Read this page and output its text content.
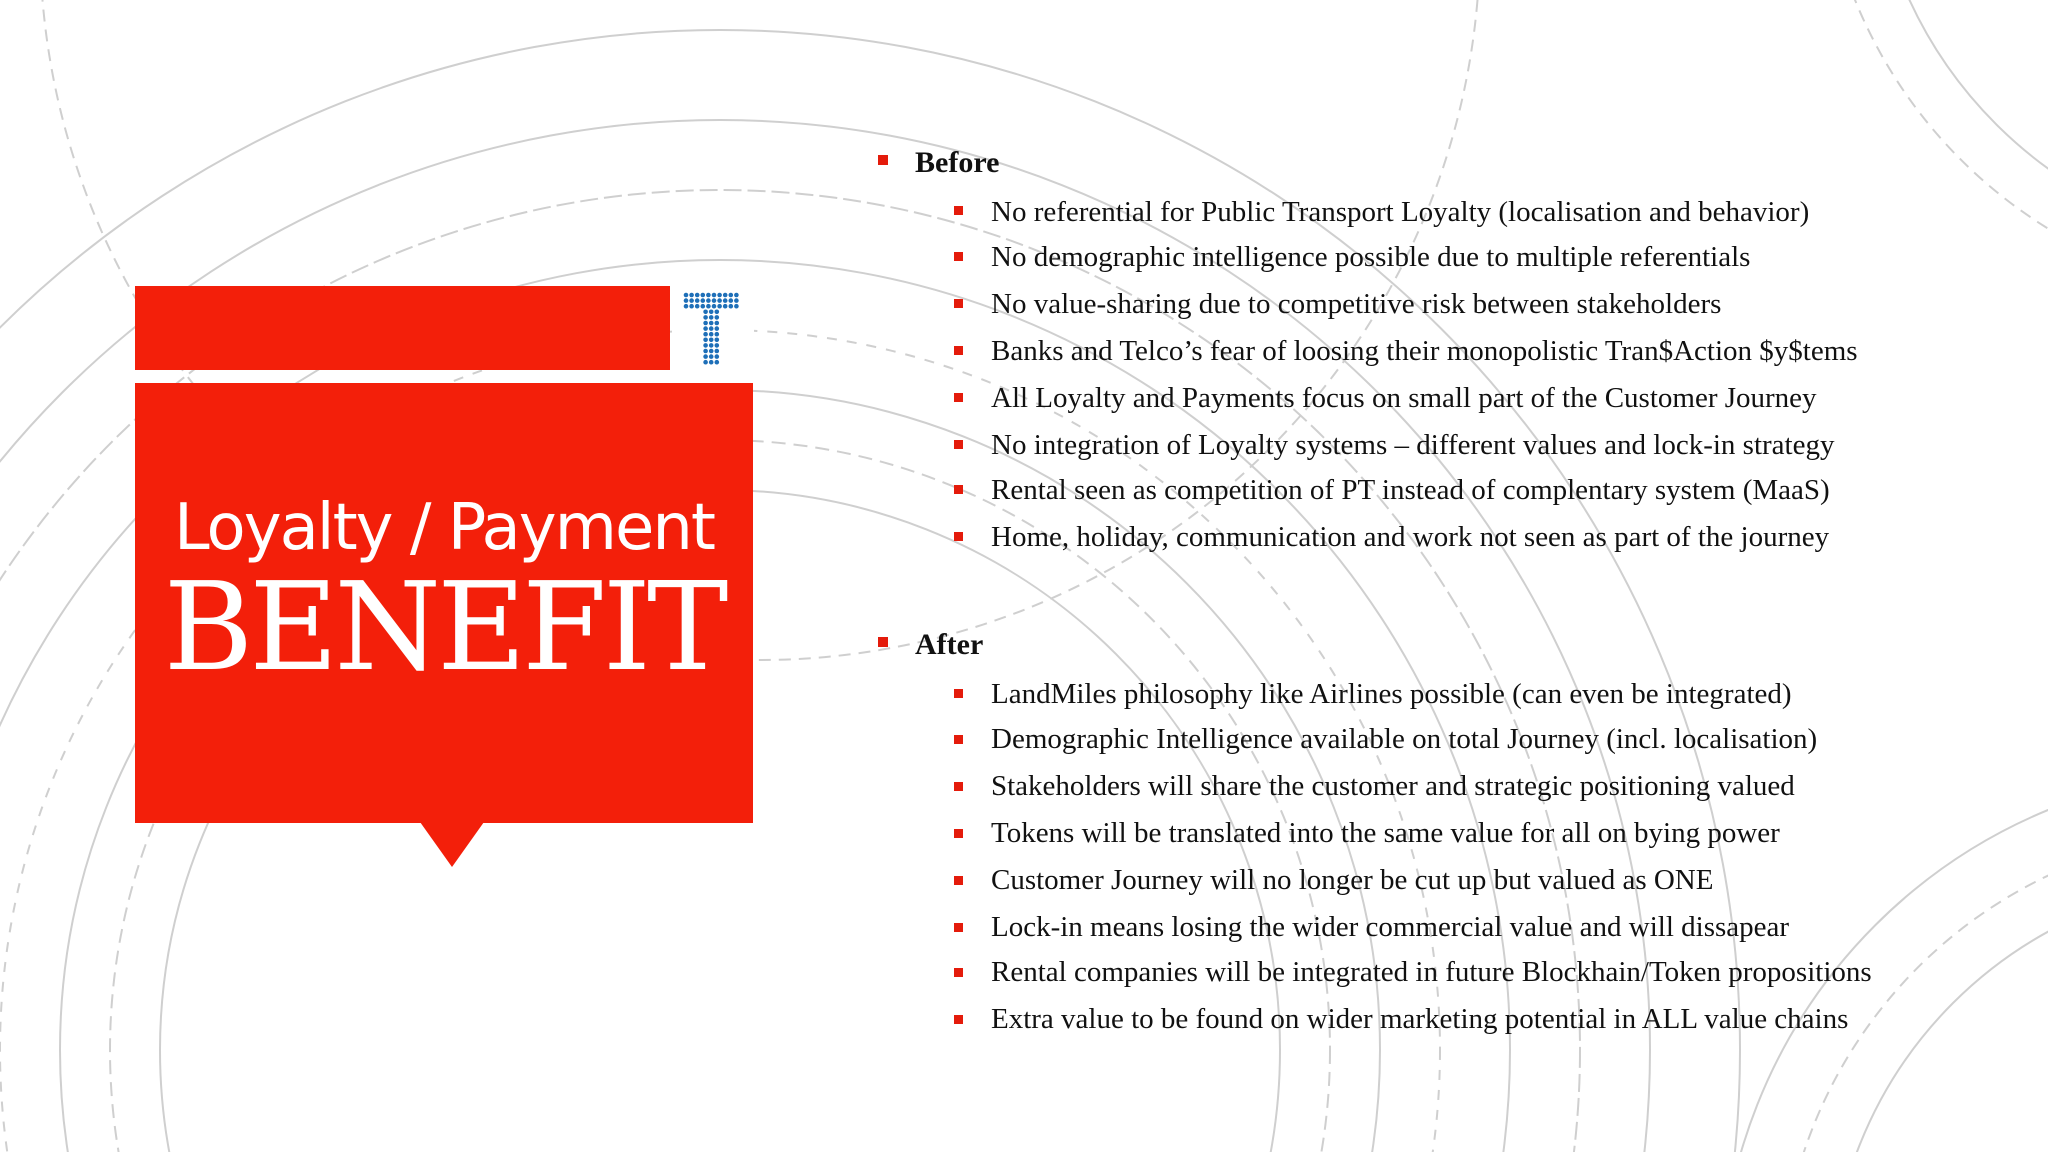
Loyalty / Payment
BENEFIT
Before
No referential for Public Transport Loyalty (localisation and behavior)
No demographic intelligence possible due to multiple referentials
No value-sharing due to competitive risk between stakeholders
Banks and Telco’s fear of loosing their monopolistic Tran$Action $y$tems
All Loyalty and Payments focus on small part of the Customer Journey
No integration of Loyalty systems – different values and lock-in strategy
Rental seen as competition of PT instead of complentary system (MaaS)
Home, holiday, communication and work not seen as part of the journey
After
LandMiles philosophy like Airlines possible (can even be integrated)
Demographic Intelligence available on total Journey (incl. localisation)
Stakeholders will share the customer and strategic positioning valued
Tokens will be translated into the same value for all on bying power
Customer Journey will no longer be cut up but valued as ONE
Lock-in means losing the wider commercial value and will dissapear
Rental companies will be integrated in future Blockhain/Token propositions
Extra value to be found on wider marketing potential in ALL value chains
